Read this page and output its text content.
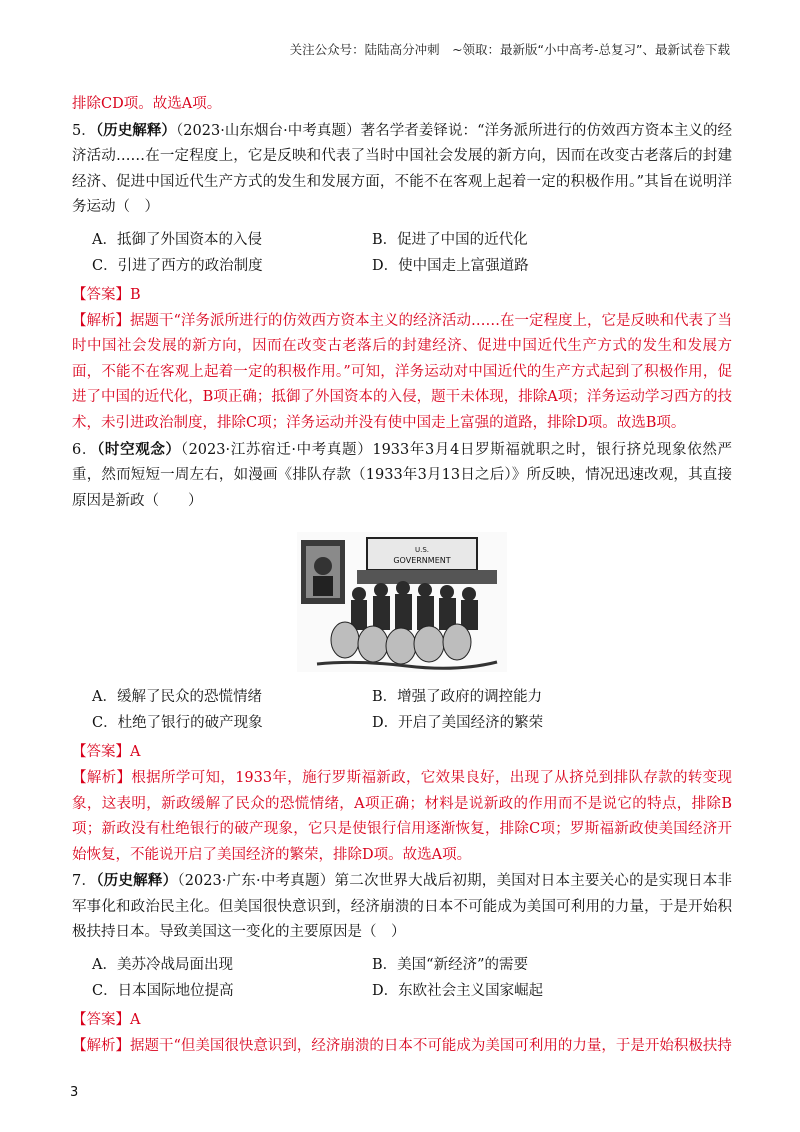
关注公众号：陆陆高分冲刺　~领取：最新版“小中高考-总复习”、最新试卷下载

排除CD项。故选A项。

5．（历史解释）（2023·山东烟台·中考真题）著名学者姜铎说：“洋务派所进行的仿效西方资本主义的经济活动……在一定程度上，它是反映和代表了当时中国社会发展的新方向，因而在改变古老落后的封建经济、促进中国近代生产方式的发生和发展方面，不能不在客观上起着一定的积极作用。”其旨在说明洋务运动（　）

A．抵御了外国资本的入侵	B．促进了中国的近代化
C．引进了西方的政治制度	D．使中国走上富强道路

【答案】B

【解析】据题干“洋务派所进行的仿效西方资本主义的经济活动……在一定程度上，它是反映和代表了当时中国社会发展的新方向，因而在改变古老落后的封建经济、促进中国近代生产方式的发生和发展方面，不能不在客观上起着一定的积极作用。”可知，洋务运动对中国近代的生产方式起到了积极作用，促进了中国的近代化，B项正确；抵御了外国资本的入侵，题干未体现，排除A项；洋务运动学习西方的技术，未引进政治制度，排除C项；洋务运动并没有使中国走上富强的道路，排除D项。故选B项。

6．（时空观念）（2023·江苏宿迁·中考真题）1933年3月4日罗斯福就职之时，银行挤兑现象依然严重，然而短短一周左右，如漫画《排队存款（1933年3月13日之后）》所反映，情况迅速改观，其直接原因是新政（　　）

U.S.
GOVERNMENT
A．缓解了民众的恐慌情绪	B．增强了政府的调控能力
C．杜绝了银行的破产现象	D．开启了美国经济的繁荣

【答案】A

【解析】根据所学可知，1933年，施行罗斯福新政，它效果良好，出现了从挤兑到排队存款的转变现象，这表明，新政缓解了民众的恐慌情绪，A项正确；材料是说新政的作用而不是说它的特点，排除B项；新政没有杜绝银行的破产现象，它只是使银行信用逐渐恢复，排除C项；罗斯福新政使美国经济开始恢复，不能说开启了美国经济的繁荣，排除D项。故选A项。

7．（历史解释）（2023·广东·中考真题）第二次世界大战后初期，美国对日本主要关心的是实现日本非军事化和政治民主化。但美国很快意识到，经济崩溃的日本不可能成为美国可利用的力量，于是开始积极扶持日本。导致美国这一变化的主要原因是（　）

A．美苏冷战局面出现	B．美国“新经济”的需要
C．日本国际地位提高	D．东欧社会主义国家崛起

【答案】A

【解析】据题干“但美国很快意识到，经济崩溃的日本不可能成为美国可利用的力量，于是开始积极扶持

3
